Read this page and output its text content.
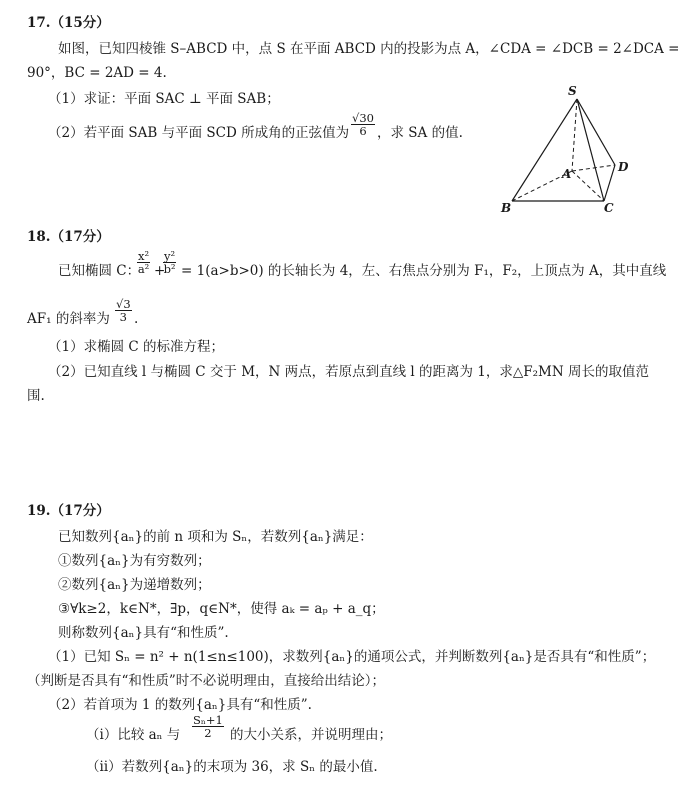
17.（15分）
如图，已知四棱锥 S–ABCD 中，点 S 在平面 ABCD 内的投影为点 A，∠CDA = ∠DCB = 2∠DCA =
90°，BC = 2AD = 4.
（1）求证：平面 SAC ⊥ 平面 SAB；
（2）若平面 SAB 与平面 SCD 所成角的正弦值为 $\frac{√30}{6}$ ，求 SA 的值.
S
A
B	C
D
18.（17分）
已知椭圆 C：
$\frac{\text{x²}}{\text{a²}}$ +
$\frac{\text{y²}}{\text{b²}} = 1(a>b>0)$ 的长轴长为 4，左、右焦点分别为 F₁，F₂，上顶点为 A，其中直线
AF₁ 的斜率为 $\frac{√3}{3}$ .
（1）求椭圆 C 的标准方程；
（2）已知直线 l 与椭圆 C 交于 M，N 两点，若原点到直线 l 的距离为 1，求△F₂MN 周长的取值范
围.
19.（17分）
已知数列{aₙ}的前 n 项和为 Sₙ，若数列{aₙ}满足：
①数列{aₙ}为有穷数列；
②数列{aₙ}为递增数列；
③∀k≥2，k∈N*，∃p，q∈N*，使得 aₖ = aₚ + a_q；
则称数列{aₙ}具有“和性质”.
（1）已知 Sₙ = n² + n(1≤n≤100)，求数列{aₙ}的通项公式，并判断数列{aₙ}是否具有“和性质”；
（判断是否具有“和性质”时不必说明理由，直接给出结论）；
（2）若首项为 1 的数列{aₙ}具有“和性质”.
（ⅰ）比较 aₙ 与 $\frac{\text{Sₙ+1}}{2}$ 的大小关系，并说明理由；
（ⅱ）若数列{aₙ}的末项为 36，求 Sₙ 的最小值.
